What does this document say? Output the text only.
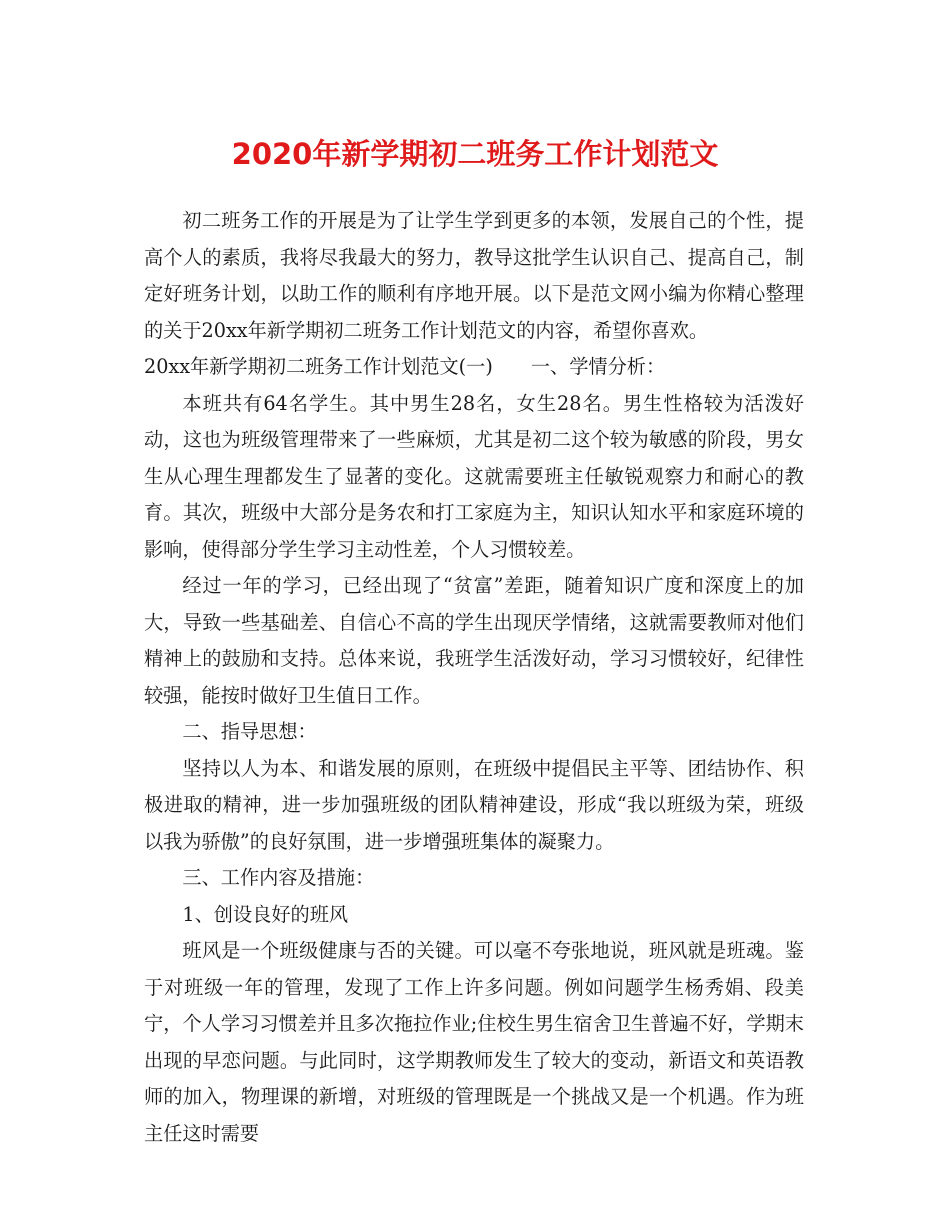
2020年新学期初二班务工作计划范文

初二班务工作的开展是为了让学生学到更多的本领，发展自己的个性，提高个人的素质，我将尽我最大的努力，教导这批学生认识自己、提高自己，制定好班务计划，以助工作的顺利有序地开展。以下是范文网小编为你精心整理的关于20xx年新学期初二班务工作计划范文的内容，希望你喜欢。

20xx年新学期初二班务工作计划范文(一) 一、学情分析：

本班共有64名学生。其中男生28名，女生28名。男生性格较为活泼好动，这也为班级管理带来了一些麻烦，尤其是初二这个较为敏感的阶段，男女生从心理生理都发生了显著的变化。这就需要班主任敏锐观察力和耐心的教育。其次，班级中大部分是务农和打工家庭为主，知识认知水平和家庭环境的影响，使得部分学生学习主动性差，个人习惯较差。

经过一年的学习，已经出现了“贫富”差距，随着知识广度和深度上的加大，导致一些基础差、自信心不高的学生出现厌学情绪，这就需要教师对他们精神上的鼓励和支持。总体来说，我班学生活泼好动，学习习惯较好，纪律性较强，能按时做好卫生值日工作。

二、指导思想：

坚持以人为本、和谐发展的原则，在班级中提倡民主平等、团结协作、积极进取的精神，进一步加强班级的团队精神建设，形成“我以班级为荣，班级以我为骄傲”的良好氛围，进一步增强班集体的凝聚力。

三、工作内容及措施：

1、创设良好的班风

班风是一个班级健康与否的关键。可以毫不夸张地说，班风就是班魂。鉴于对班级一年的管理，发现了工作上许多问题。例如问题学生杨秀娟、段美宁，个人学习习惯差并且多次拖拉作业;住校生男生宿舍卫生普遍不好，学期末出现的早恋问题。与此同时，这学期教师发生了较大的变动，新语文和英语教师的加入，物理课的新增，对班级的管理既是一个挑战又是一个机遇。作为班主任这时需要
